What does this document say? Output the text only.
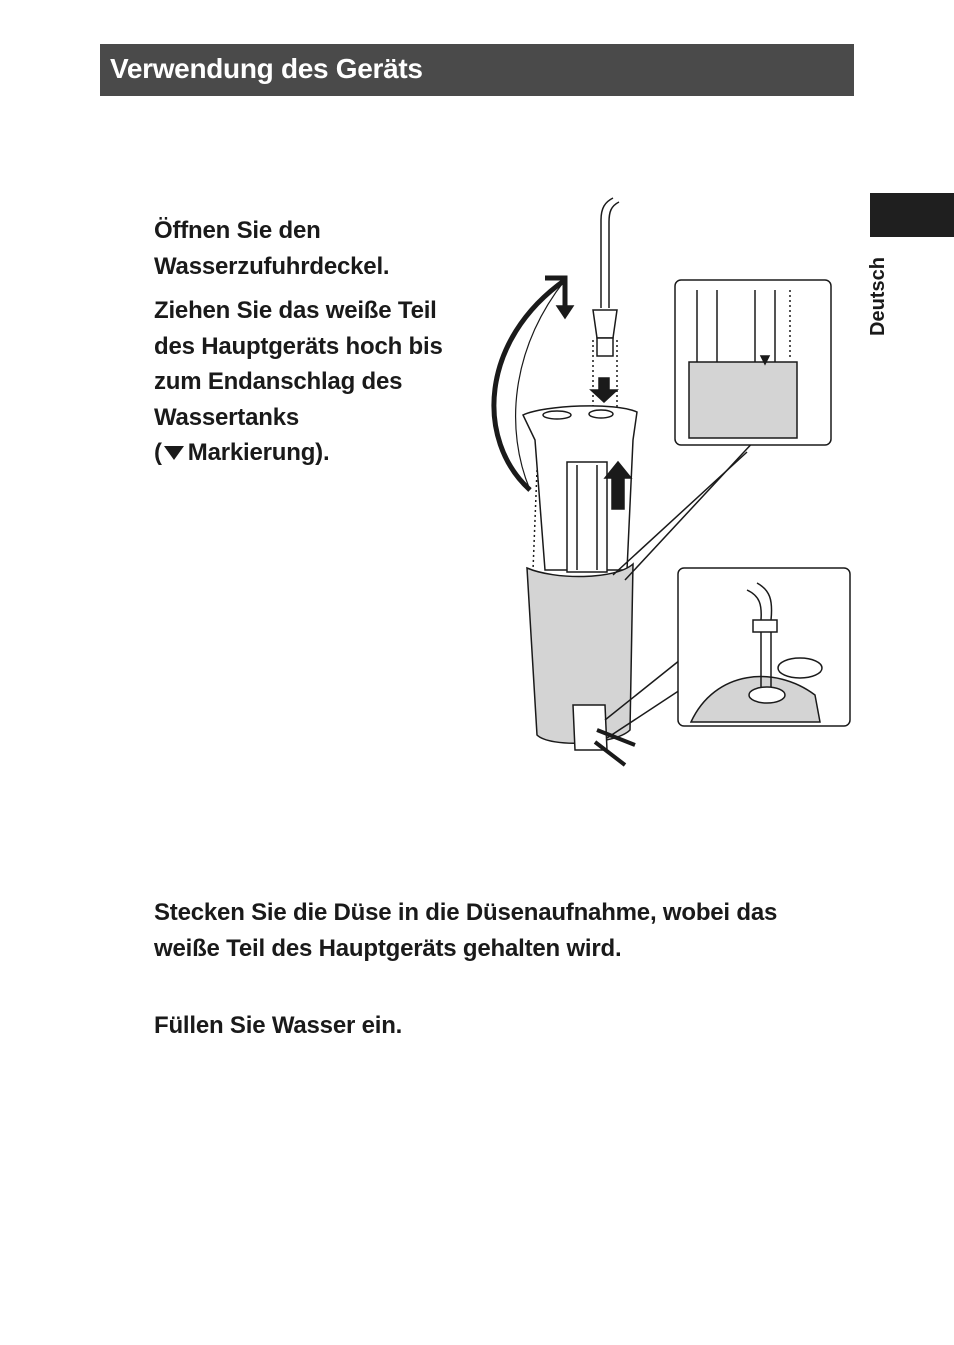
Verwendung des Geräts
Deutsch
Öffnen Sie den
Wasserzufuhrdeckel.
Ziehen Sie das weiße Teil
des Hauptgeräts hoch bis
zum Endanschlag des
Wassertanks
( Markierung).
Stecken Sie die Düse in die Düsenaufnahme, wobei das
weiße Teil des Hauptgeräts gehalten wird.
Füllen Sie Wasser ein.
